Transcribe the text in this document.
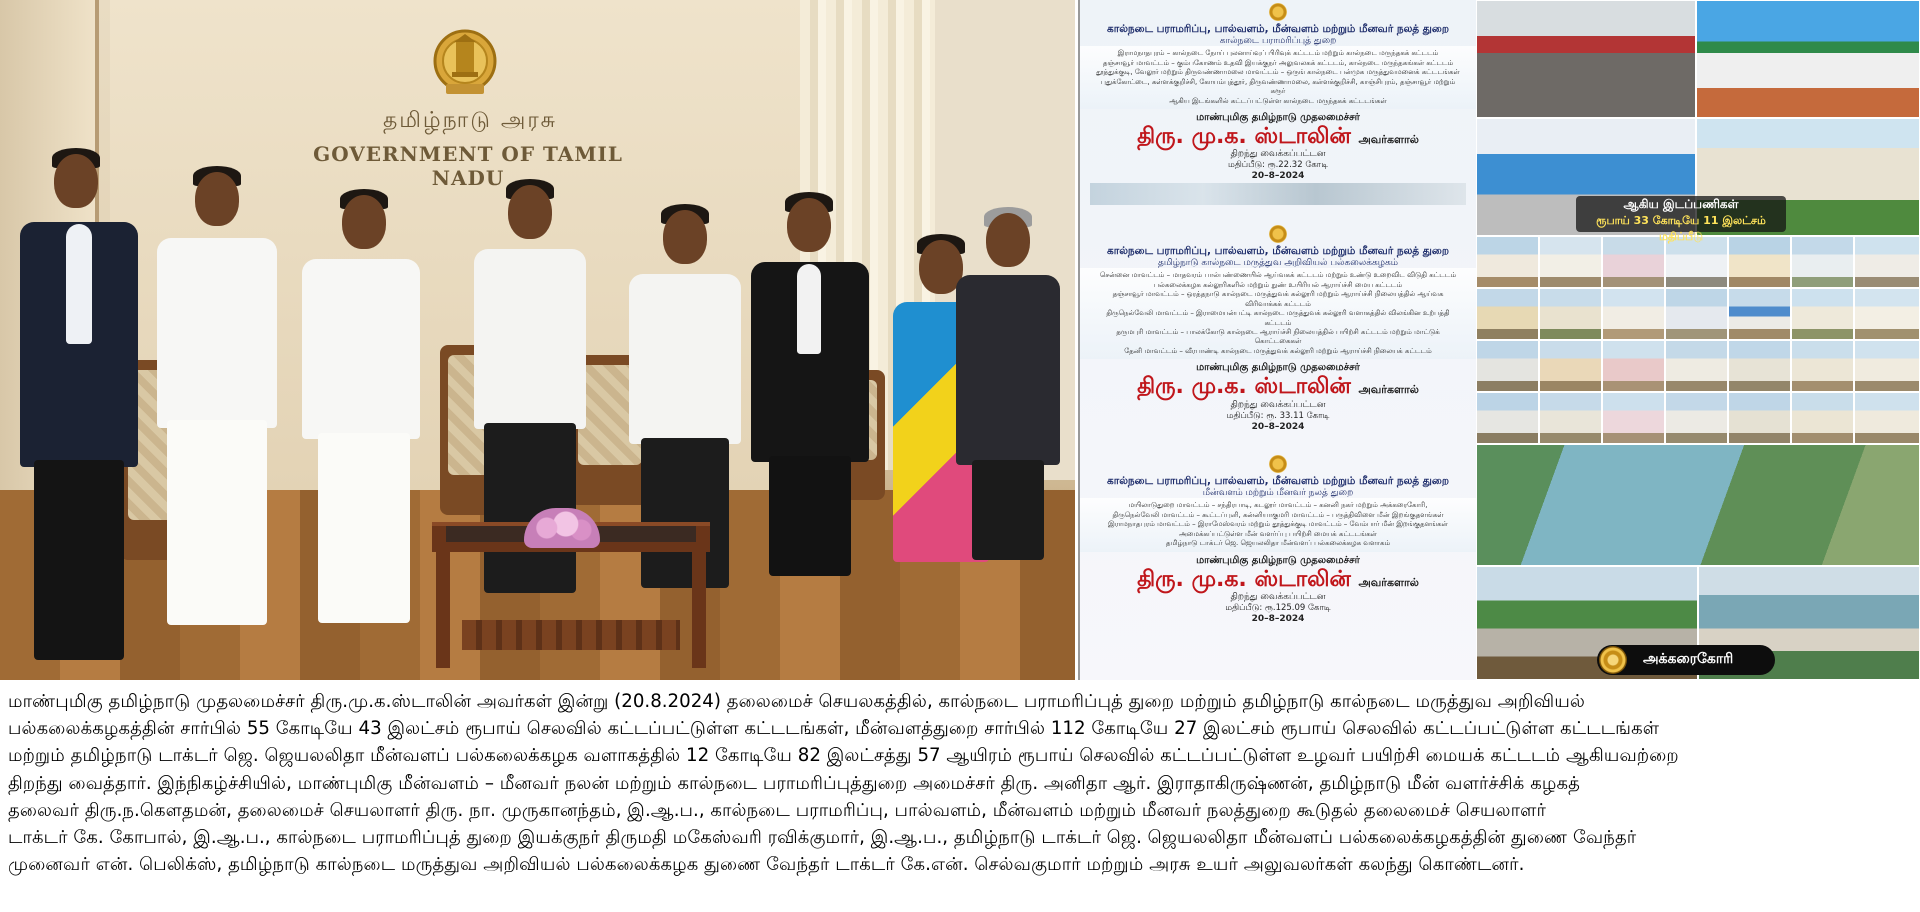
தமிழ்நாடு அரசு
GOVERNMENT OF TAMIL NADU
கால்நடை பராமரிப்பு, பால்வளம், மீன்வளம் மற்றும் மீனவர் நலத் துறை
கால்நடை பராமரிப்புத் துறை
இராமநாதபுரம் – கால்நடை நோய் புலனாய்வுப் பிரிவுக் கட்டடம் மற்றும் கால்நடை மருந்தகக் கட்டடம்
தஞ்சாவூர் மாவட்டம் – கும்பகோணம் உதவி இயக்குநர் அலுவலகக் கட்டடம், கால்நடை மருந்தகங்கள் கட்டடம்
தூத்துக்குடி, வேலூர் மற்றும் திருவண்ணாமலை மாவட்டம் – ஒருங் கால்நடை பன்முக மருத்துவமனைக் கட்டடங்கள்
புதுக்கோட்டை, கள்ளக்குறிச்சி, கோயம்புத்தூர், திருவண்ணாமலை, கள்ளக்குறிச்சி, காஞ்சிபுரம், தஞ்சாவூர் மற்றும் கரூர்
ஆகிய இடங்களில் கட்டப்பட்டுள்ள கால்நடை மருந்தகக் கட்டடங்கள்
மாண்புமிகு தமிழ்நாடு முதலமைச்சர்
திரு. மு.க. ஸ்டாலின் அவர்களால்
திறந்து வைக்கப்பட்டன
மதிப்பீடு: ரூ.22.32 கோடி
20–8–2024
கால்நடை பராமரிப்பு, பால்வளம், மீன்வளம் மற்றும் மீனவர் நலத் துறை
தமிழ்நாடு கால்நடை மருத்துவ அறிவியல் பல்கலைக்கழகம்
சென்னை மாவட்டம் – மாதவரம் பால்பண்ணையில் ஆய்வகக் கட்டடம் மற்றும் உண்டு உறைவிட விடுதி கட்டடம்
பல்கலைக்கழக கல்லூரிகளில் மற்றும் நுண் உயிரியல் ஆராய்ச்சி மைய கட்டடம்
தஞ்சாவூர் மாவட்டம் – ஒரத்தநாடு கால்நடை மருத்துவக் கல்லூரி மற்றும் ஆராய்ச்சி நிலையத்தில் ஆய்வக விரிவாக்கக் கட்டடம்
திருநெல்வேலி மாவட்டம் – இராமையன்பட்டி கால்நடை மருத்துவக் கல்லூரி வளாகத்தில் விலங்கின உற்பத்தி கட்டடம்
தருமபுரி மாவட்டம் – பாலக்கோடு கால்நடை ஆராய்ச்சி நிலையத்தில் பயிற்சி கட்டடம் மற்றும் மாட்டுக் கொட்டகைகள்
தேனி மாவட்டம் – வீரபாண்டி கால்நடை மருத்துவக் கல்லூரி மற்றும் ஆராய்ச்சி நிலையக் கட்டடம்
மாண்புமிகு தமிழ்நாடு முதலமைச்சர்
திரு. மு.க. ஸ்டாலின் அவர்களால்
திறந்து வைக்கப்பட்டன
மதிப்பீடு: ரூ. 33.11 கோடி
20–8–2024
கால்நடை பராமரிப்பு, பால்வளம், மீன்வளம் மற்றும் மீனவர் நலத் துறை
மீன்வளம் மற்றும் மீனவர் நலத் துறை
மயிலாடுதுறை மாவட்டம் – சந்திரபாடி, கடலூர் மாவட்டம் – கனனி நகர் மற்றும் அக்கரைகோரி,
திருநெல்வேலி மாவட்டம் – கூட்டப்புளி, கன்னியாகுமரி மாவட்டம் – பருத்திவிளை மீன் இறங்குதளங்கள்
இராமநாதபுரம் மாவட்டம் – இராமேஸ்வரம் மற்றும் தூத்துக்குடி மாவட்டம் – வேம்பார் மீன் இறங்குதளங்கள்
அமைக்கப்பட்டுள்ள மீன் வளர்ப்பு பயிற்சி மையக் கட்டடங்கள்
தமிழ்நாடு டாக்டர் ஜெ. ஜெயலலிதா மீன்வளப் பல்கலைக்கழக வளாகம்
மாண்புமிகு தமிழ்நாடு முதலமைச்சர்
திரு. மு.க. ஸ்டாலின் அவர்களால்
திறந்து வைக்கப்பட்டன
மதிப்பீடு: ரூ.125.09 கோடி
20–8–2024
ஆகிய இடப்பணிகள்
ரூபாய் 33 கோடியே 11 இலட்சம் மதிப்பீடு
அக்கரைகோரி
மாண்புமிகு தமிழ்நாடு முதலமைச்சர் திரு.மு.க.ஸ்டாலின் அவர்கள் இன்று (20.8.2024) தலைமைச் செயலகத்தில், கால்நடை பராமரிப்புத் துறை மற்றும் தமிழ்நாடு கால்நடை மருத்துவ அறிவியல்
பல்கலைக்கழகத்தின் சார்பில் 55 கோடியே 43 இலட்சம் ரூபாய் செலவில் கட்டப்பட்டுள்ள கட்டடங்கள், மீன்வளத்துறை சார்பில் 112 கோடியே 27 இலட்சம் ரூபாய் செலவில் கட்டப்பட்டுள்ள கட்டடங்கள்
மற்றும் தமிழ்நாடு டாக்டர் ஜெ. ஜெயலலிதா மீன்வளப் பல்கலைக்கழக வளாகத்தில் 12 கோடியே 82 இலட்சத்து 57 ஆயிரம் ரூபாய் செலவில் கட்டப்பட்டுள்ள உழவர் பயிற்சி மையக் கட்டடம் ஆகியவற்றை
திறந்து வைத்தார். இந்நிகழ்ச்சியில், மாண்புமிகு மீன்வளம் – மீனவர் நலன் மற்றும் கால்நடை பராமரிப்புத்துறை அமைச்சர் திரு. அனிதா ஆர். இராதாகிருஷ்ணன், தமிழ்நாடு மீன் வளர்ச்சிக் கழகத்
தலைவர் திரு.ந.கௌதமன், தலைமைச் செயலாளர் திரு. நா. முருகானந்தம், இ.ஆ.ப., கால்நடை பராமரிப்பு, பால்வளம், மீன்வளம் மற்றும் மீனவர் நலத்துறை கூடுதல் தலைமைச் செயலாளர்
டாக்டர் கே. கோபால், இ.ஆ.ப., கால்நடை பராமரிப்புத் துறை இயக்குநர் திருமதி மகேஸ்வரி ரவிக்குமார், இ.ஆ.ப., தமிழ்நாடு டாக்டர் ஜெ. ஜெயலலிதா மீன்வளப் பல்கலைக்கழகத்தின் துணை வேந்தர்
முனைவர் என். பெலிக்ஸ், தமிழ்நாடு கால்நடை மருத்துவ அறிவியல் பல்கலைக்கழக துணை வேந்தர் டாக்டர் கே.என். செல்வகுமார் மற்றும் அரசு உயர் அலுவலர்கள் கலந்து கொண்டனர்.
